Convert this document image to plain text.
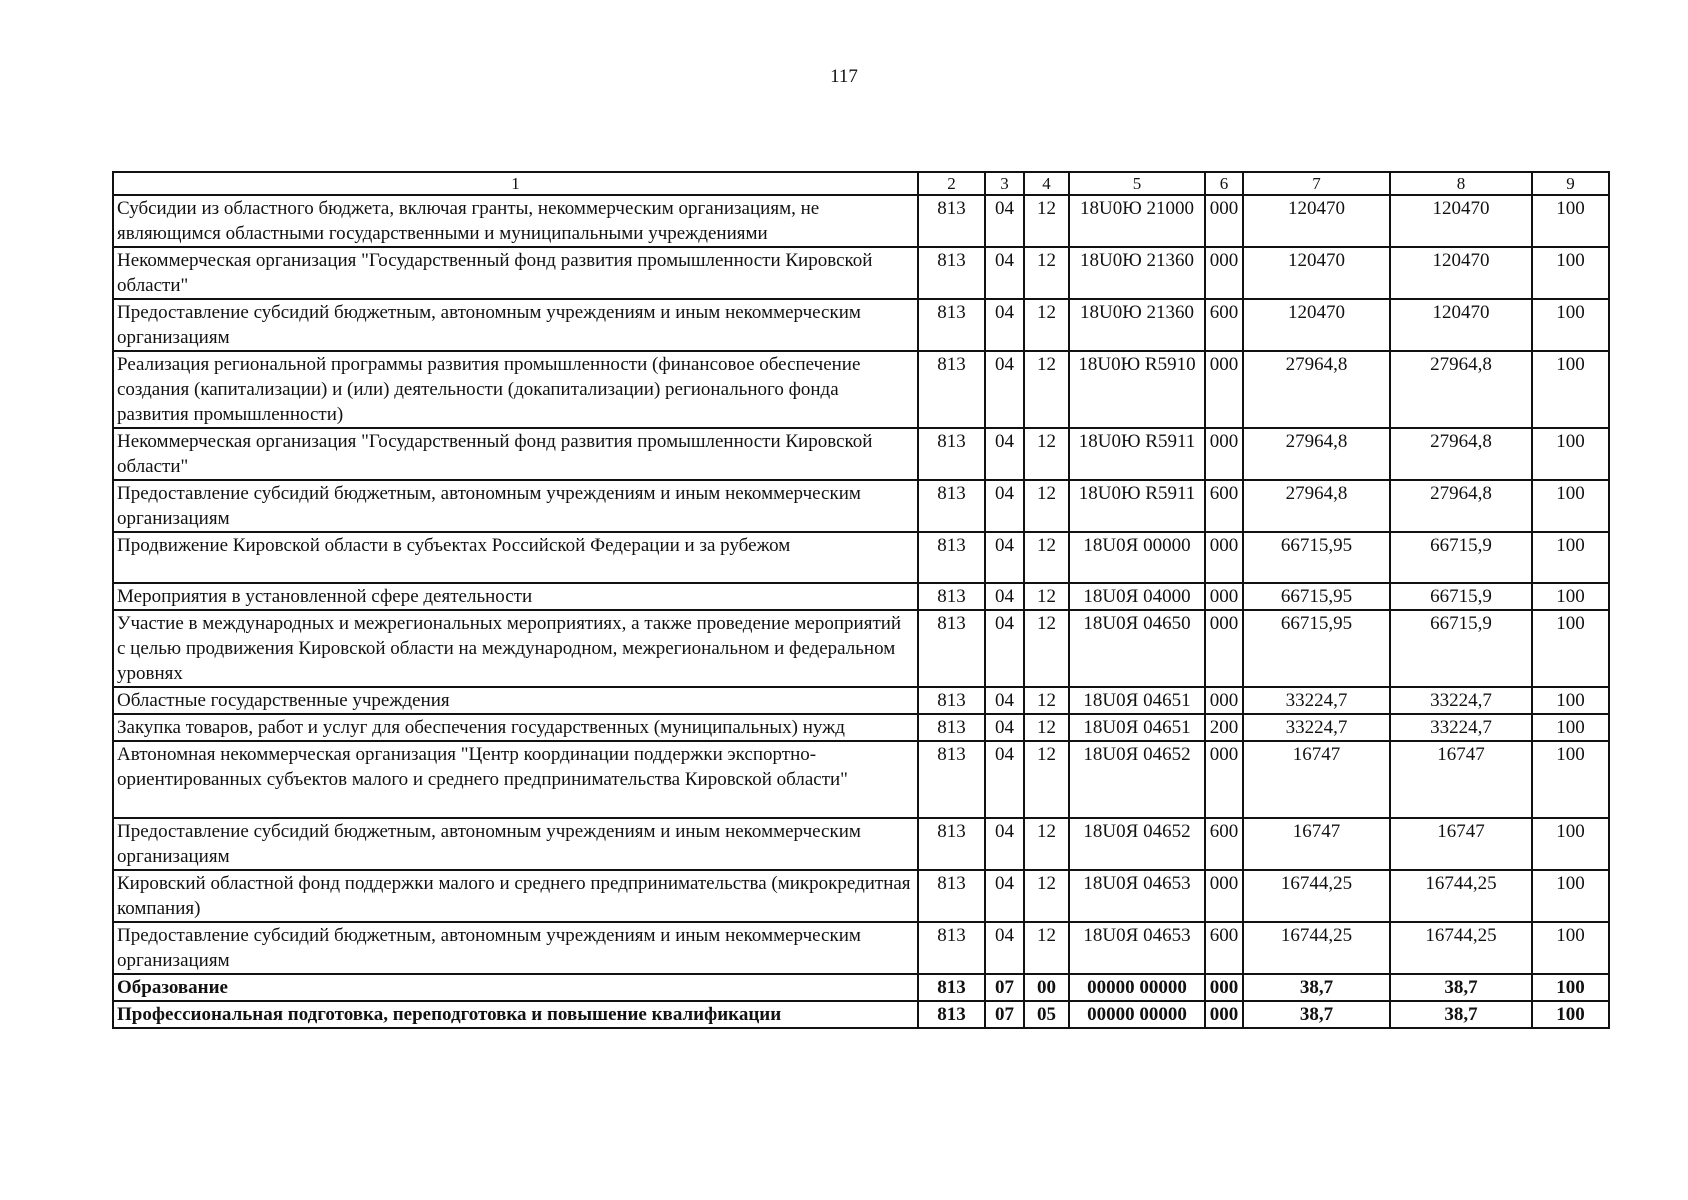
117
1	2	3	4	5	6	7	8	9
Субсидии из областного бюджета, включая гранты, некоммерческим организациям, не являющимся областными государственными и муниципальными учреждениями	813	04	12	18U0Ю 21000	000	120470	120470	100
Некоммерческая организация "Государственный фонд развития промышленности Кировской области"	813	04	12	18U0Ю 21360	000	120470	120470	100
Предоставление субсидий бюджетным, автономным учреждениям и иным некоммерческим организациям	813	04	12	18U0Ю 21360	600	120470	120470	100
Реализация региональной программы развития промышленности (финансовое обеспечение создания (капитализации) и (или) деятельности (докапитализации) регионального фонда развития промышленности)	813	04	12	18U0Ю R5910	000	27964,8	27964,8	100
Некоммерческая организация "Государственный фонд развития промышленности Кировской области"	813	04	12	18U0Ю R5911	000	27964,8	27964,8	100
Предоставление субсидий бюджетным, автономным учреждениям и иным некоммерческим организациям	813	04	12	18U0Ю R5911	600	27964,8	27964,8	100
Продвижение Кировской области в субъектах Российской Федерации и за рубежом	813	04	12	18U0Я 00000	000	66715,95	66715,9	100
Мероприятия в установленной сфере деятельности	813	04	12	18U0Я 04000	000	66715,95	66715,9	100
Участие в международных и межрегиональных мероприятиях, а также проведение мероприятий с целью продвижения Кировской области на международном, межрегиональном и федеральном уровнях	813	04	12	18U0Я 04650	000	66715,95	66715,9	100
Областные государственные учреждения	813	04	12	18U0Я 04651	000	33224,7	33224,7	100
Закупка товаров, работ и услуг для обеспечения государственных (муниципальных) нужд	813	04	12	18U0Я 04651	200	33224,7	33224,7	100
Автономная некоммерческая организация "Центр координации поддержки экспортно-ориентированных субъектов малого и среднего предпринимательства Кировской области"	813	04	12	18U0Я 04652	000	16747	16747	100
Предоставление субсидий бюджетным, автономным учреждениям и иным некоммерческим организациям	813	04	12	18U0Я 04652	600	16747	16747	100
Кировский областной фонд поддержки малого и среднего предпринимательства (микрокредитная компания)	813	04	12	18U0Я 04653	000	16744,25	16744,25	100
Предоставление субсидий бюджетным, автономным учреждениям и иным некоммерческим организациям	813	04	12	18U0Я 04653	600	16744,25	16744,25	100
Образование	813	07	00	00000 00000	000	38,7	38,7	100
Профессиональная подготовка, переподготовка и повышение квалификации	813	07	05	00000 00000	000	38,7	38,7	100
